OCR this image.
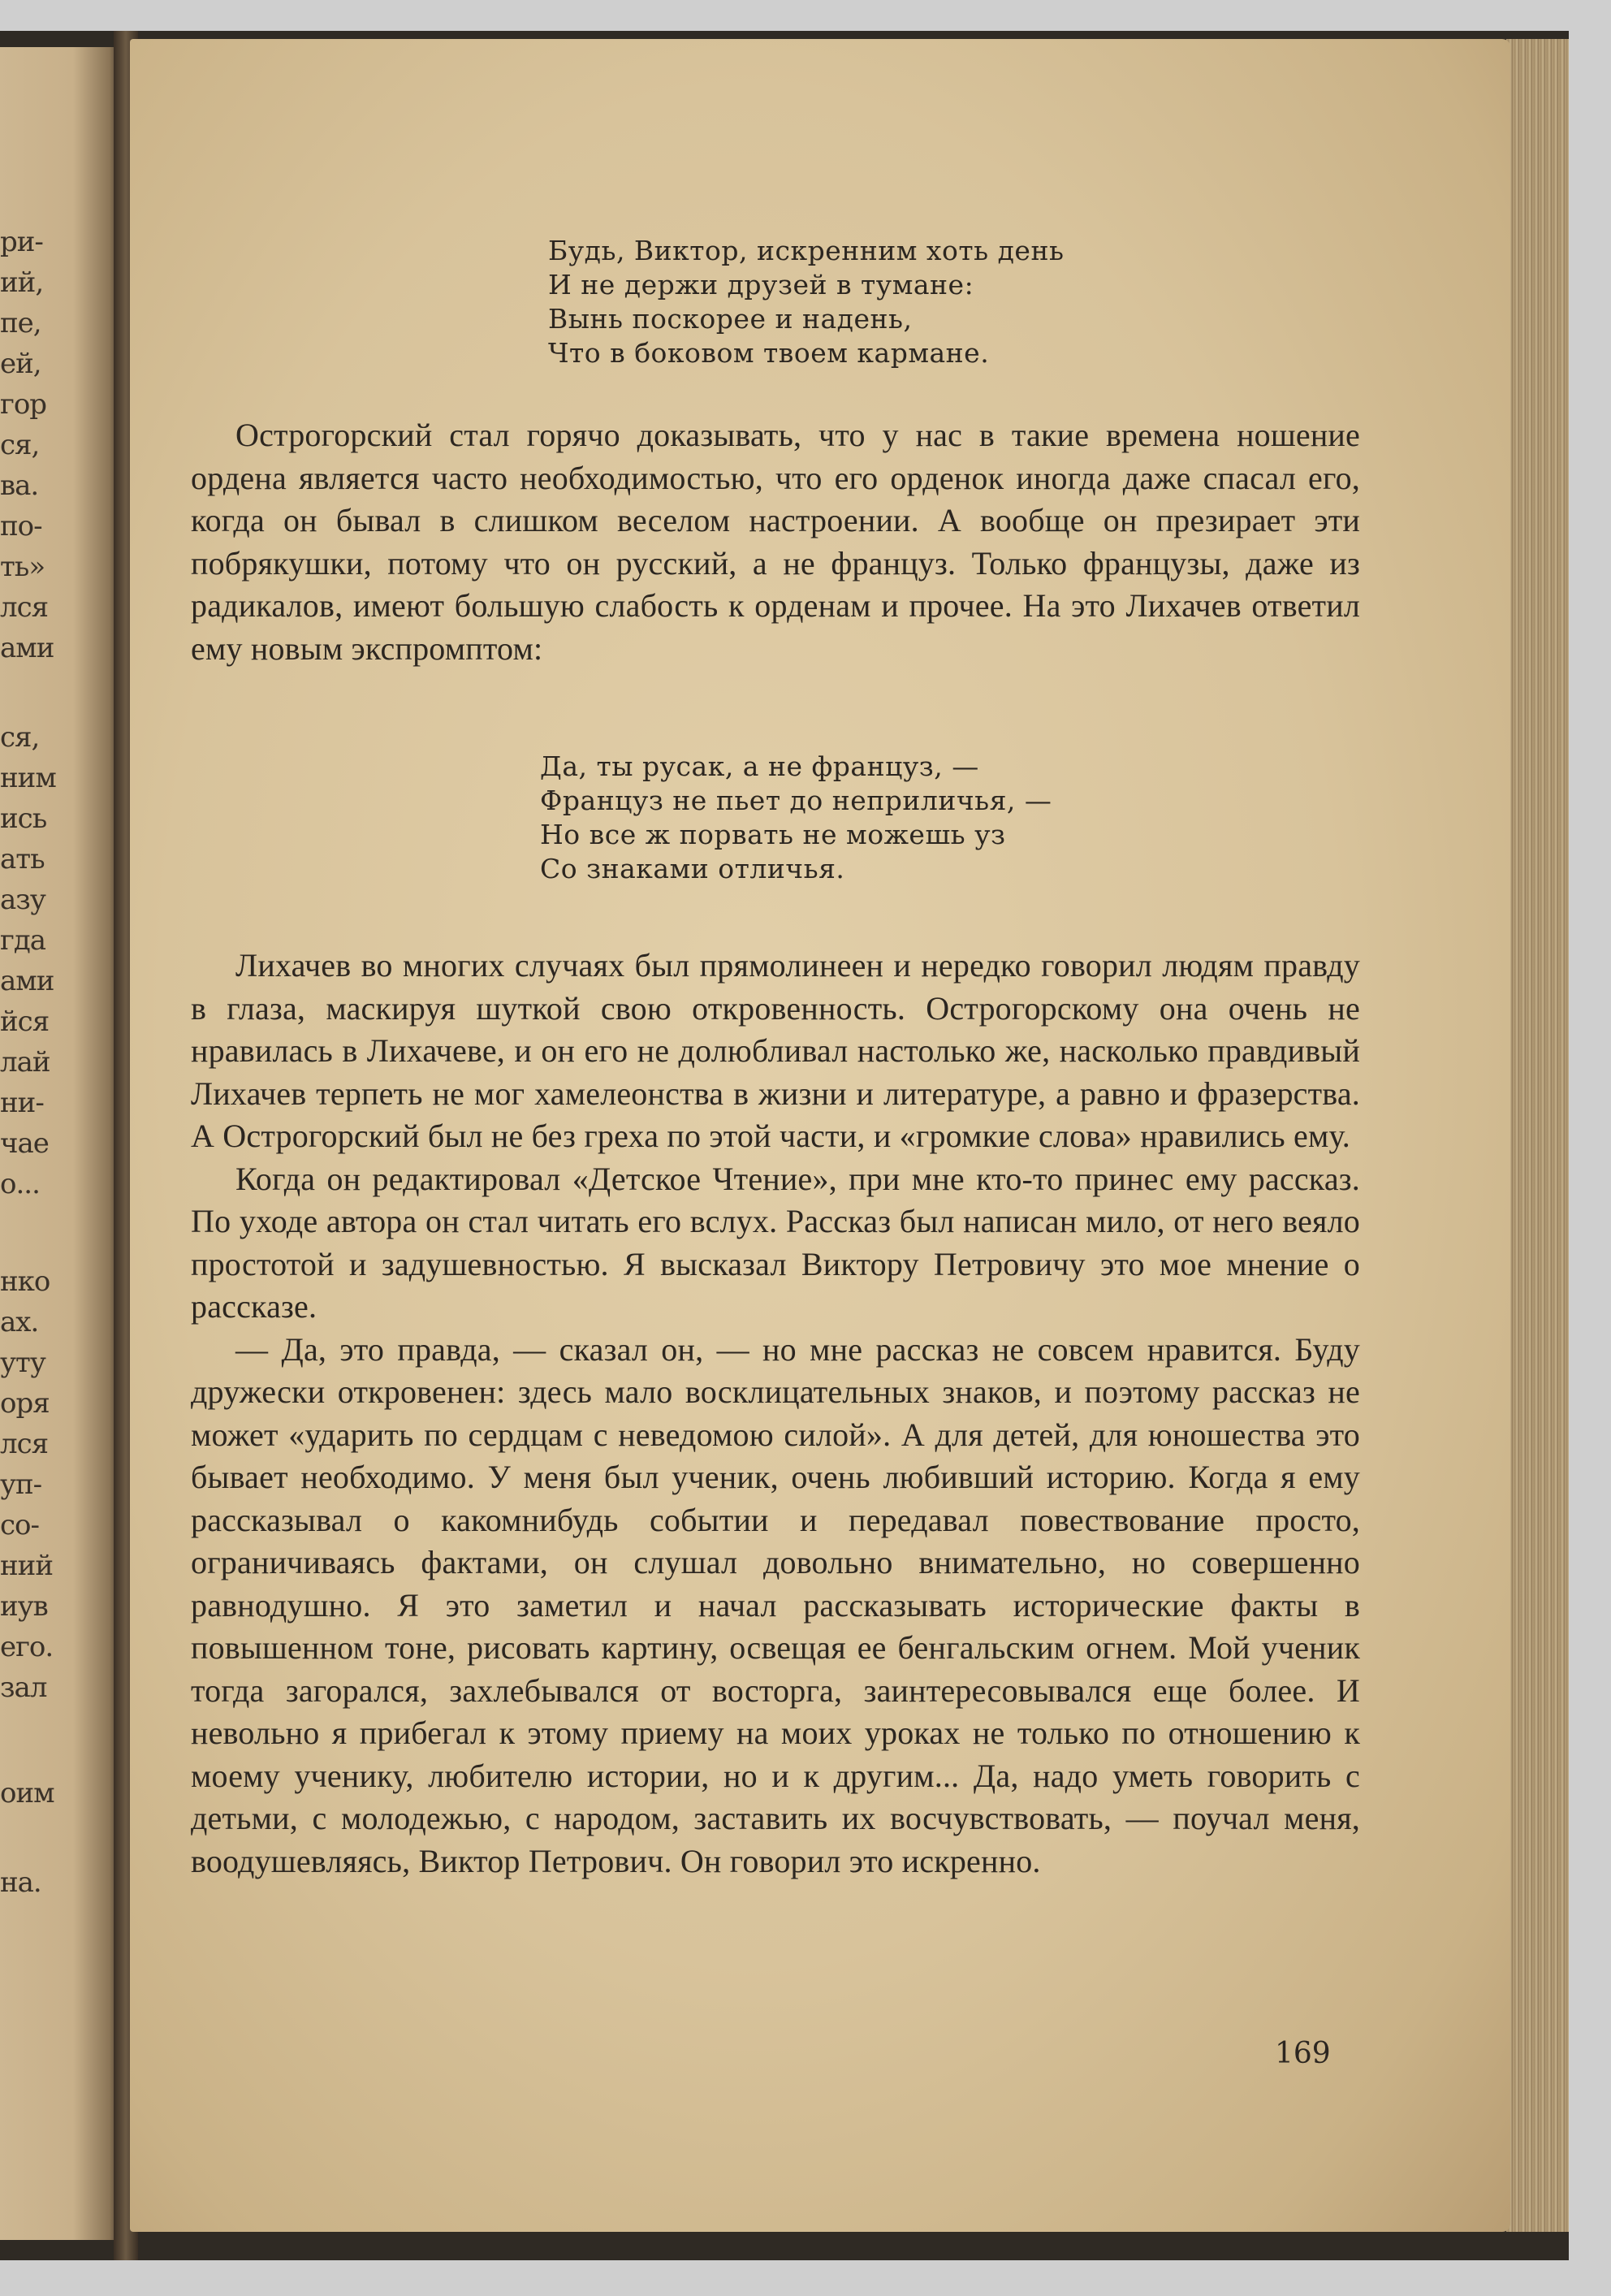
ри-
ий,
пе,
ей,
гор
ся,
ва.
по-
ть»
лся
ами
ся,
ним
ись
ать
азу
гда
ами
йся
лай
ни-
чае
о...
нко
ах.
уту
оря
лся
уп-
со-
ний
иув
его.
зал
оим
на.
Будь, Виктор, искренним хоть день
И не держи друзей в тумане:
Вынь поскорее и надень,
Что в боковом твоем кармане.

Острогорский стал горячо доказывать, что у нас в такие времена ношение ордена является часто необходимостью, что его орденок иногда даже спасал его, когда он бывал в слишком веселом настроении. А вообще он презирает эти побрякушки, потому что он русский, а не француз. Только французы, даже из радикалов, имеют большую слабость к орденам и прочее. На это Лихачев ответил ему новым экспромптом:

Да, ты русак, а не француз, —
Француз не пьет до неприличья, —
Но все ж порвать не можешь уз
Со знаками отличья.

Лихачев во многих случаях был прямолинеен и нередко говорил людям правду в глаза, маскируя шуткой свою откровенность. Острогорскому она очень не нравилась в Лихачеве, и он его не долюбливал настолько же, насколько правдивый Лихачев терпеть не мог хамелеонства в жизни и литературе, а равно и фразерства. А Острогорский был не без греха по этой части, и «громкие слова» нравились ему.

Когда он редактировал «Детское Чтение», при мне кто-то принес ему рассказ. По уходе автора он стал читать его вслух. Рассказ был написан мило, от него веяло простотой и задушевностью. Я высказал Виктору Петровичу это мое мнение о рассказе.

— Да, это правда, — сказал он, — но мне рассказ не совсем нравится. Буду дружески откровенен: здесь мало восклицательных знаков, и поэтому рассказ не может «ударить по сердцам с неведомою силой». А для детей, для юношества это бывает необходимо. У меня был ученик, очень любивший историю. Когда я ему рассказывал о какомнибудь событии и передавал повествование просто, ограничиваясь фактами, он слушал довольно внимательно, но совершенно равнодушно. Я это заметил и начал рассказывать исторические факты в повышенном тоне, рисовать картину, освещая ее бенгальским огнем. Мой ученик тогда загорался, захлебывался от восторга, заинтересовывался еще более. И невольно я прибегал к этому приему на моих уроках не только по отношению к моему ученику, любителю истории, но и к другим... Да, надо уметь говорить с детьми, с молодежью, с народом, заставить их восчувствовать, — поучал меня, воодушевляясь, Виктор Петрович. Он говорил это искренно.

169
